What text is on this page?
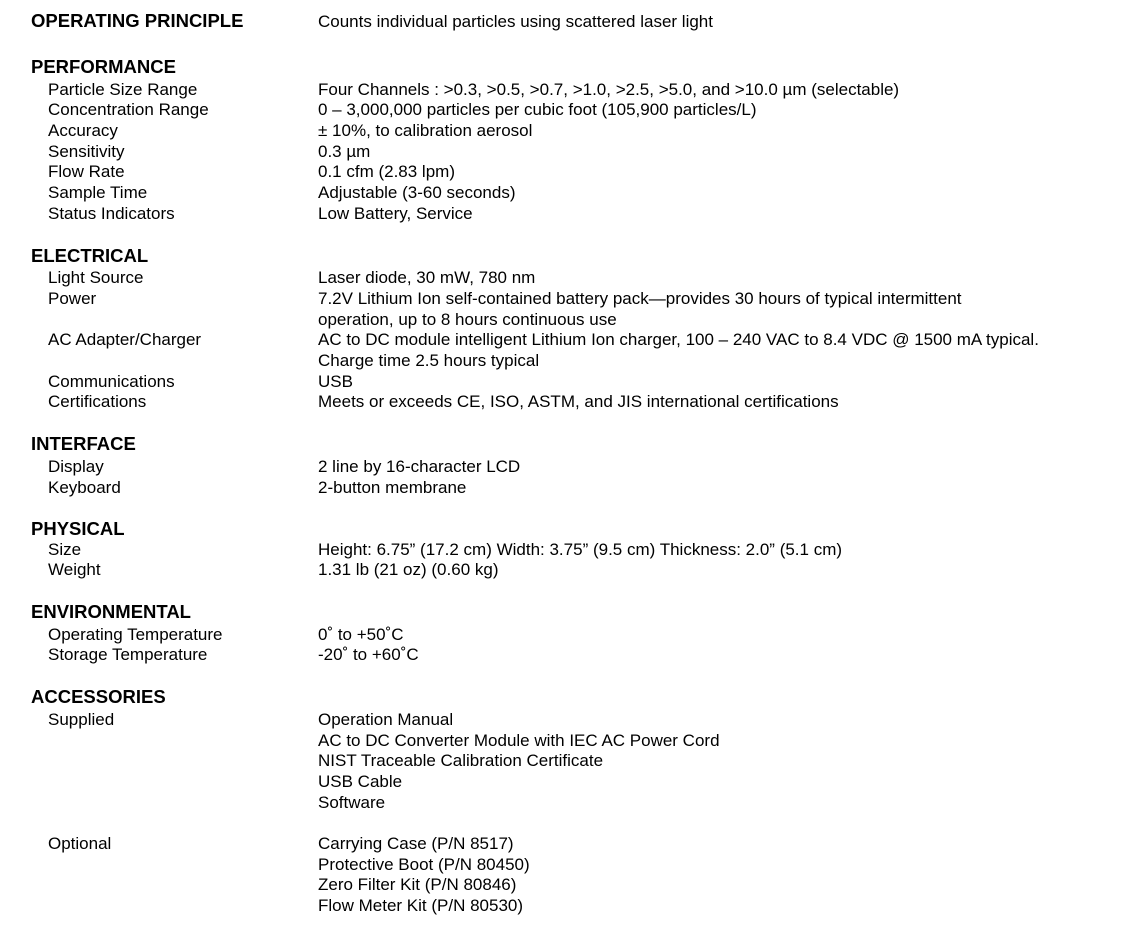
OPERATING PRINCIPLE	Counts individual particles using scattered laser light
PERFORMANCE
Particle Size Range	Four Channels : >0.3, >0.5, >0.7, >1.0, >2.5, >5.0, and >10.0 µm (selectable)
Concentration Range	0 – 3,000,000 particles per cubic foot (105,900 particles/L)
Accuracy	± 10%, to calibration aerosol
Sensitivity	0.3 µm
Flow Rate	0.1 cfm (2.83 lpm)
Sample Time	Adjustable (3-60 seconds)
Status Indicators	Low Battery, Service
ELECTRICAL
Light Source	Laser diode, 30 mW, 780 nm
Power	7.2V Lithium Ion self-contained battery pack—provides 30 hours of typical intermittent
operation, up to 8 hours continuous use
AC Adapter/Charger	AC to DC module intelligent Lithium Ion charger, 100 – 240 VAC to 8.4 VDC @ 1500 mA typical.
Charge time 2.5 hours typical
Communications	USB
Certifications	Meets or exceeds CE, ISO, ASTM, and JIS international certifications
INTERFACE
Display	2 line by 16-character LCD
Keyboard	2-button membrane
PHYSICAL
Size	Height: 6.75” (17.2 cm) Width: 3.75” (9.5 cm) Thickness: 2.0” (5.1 cm)
Weight	1.31 lb (21 oz) (0.60 kg)
ENVIRONMENTAL
Operating Temperature	0˚ to +50˚C
Storage Temperature	-20˚ to +60˚C
ACCESSORIES
Supplied	Operation Manual
AC to DC Converter Module with IEC AC Power Cord
NIST Traceable Calibration Certificate
USB Cable
Software
Optional	Carrying Case (P/N 8517)
Protective Boot (P/N 80450)
Zero Filter Kit (P/N 80846)
Flow Meter Kit (P/N 80530)
